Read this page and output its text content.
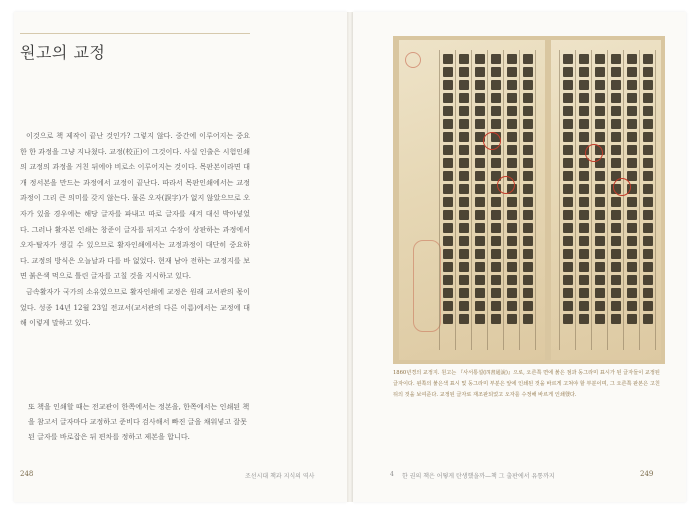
원고의 교정

이것으로 책 제작이 끝난 것인가? 그렇지 않다. 중간에 이루어지는 중요한 한 과정을 그냥 지나쳤다. 교정(校正)이 그것이다. 사실 인출은 시험인쇄의 교정의 과정을 거친 뒤에야 비로소 이루어지는 것이다. 목판본이라면 대개 정서본을 만드는 과정에서 교정이 끝난다. 따라서 목판인쇄에서는 교정과정이 그리 큰 의미를 갖지 않는다. 물론 오자(誤字)가 없지 않았으므로 오자가 있을 경우에는 해당 글자를 파내고 따로 글자를 새겨 대신 박아넣었다. 그러나 활자본 인쇄는 창준이 글자를 뒤지고 수장이 상판하는 과정에서 오자·탈자가 생길 수 있으므로 활자인쇄에서는 교정과정이 대단히 중요하다. 교정의 방식은 오늘날과 다를 바 없었다. 현재 남아 전하는 교정지를 보면 붉은색 먹으로 틀린 글자를 고칠 것을 지시하고 있다.

금속활자가 국가의 소유였으므로 활자인쇄에 교정은 원래 교서관의 몫이었다. 성종 14년 12월 23일 전교서(교서관의 다른 이름)에서는 교정에 대해 이렇게 말하고 있다.

또 책을 인쇄할 때는 전교관이 한쪽에서는 정본을, 한쪽에서는 인쇄된 책을 참고서 글자마다 교정하고 준비다 검사해서 빠진 글을 채워넣고 잘못된 글자를 바로잡은 뒤 편차를 정하고 제본을 합니다.
248	조선시대 책과 지식의 역사
1860년경의 교정지. 원고는 『사서통설(四書通說)』으로, 오른쪽 면에 붉은 점과 동그라미 표시가 된 글자들이 교정된 글자이다. 왼쪽의 붉은색 표시 및 동그라미 부분은 앞에 인쇄된 것을 바르게 고쳐야 할 부분이며, 그 오른쪽 판본은 고친 뒤의 것을 보여준다. 교정된 글자로 재조판되었고 오자를 수정해 바르게 인쇄했다.
4 한 권의 책은 어떻게 탄생했을까—책 그 출판에서 유통까지	249
